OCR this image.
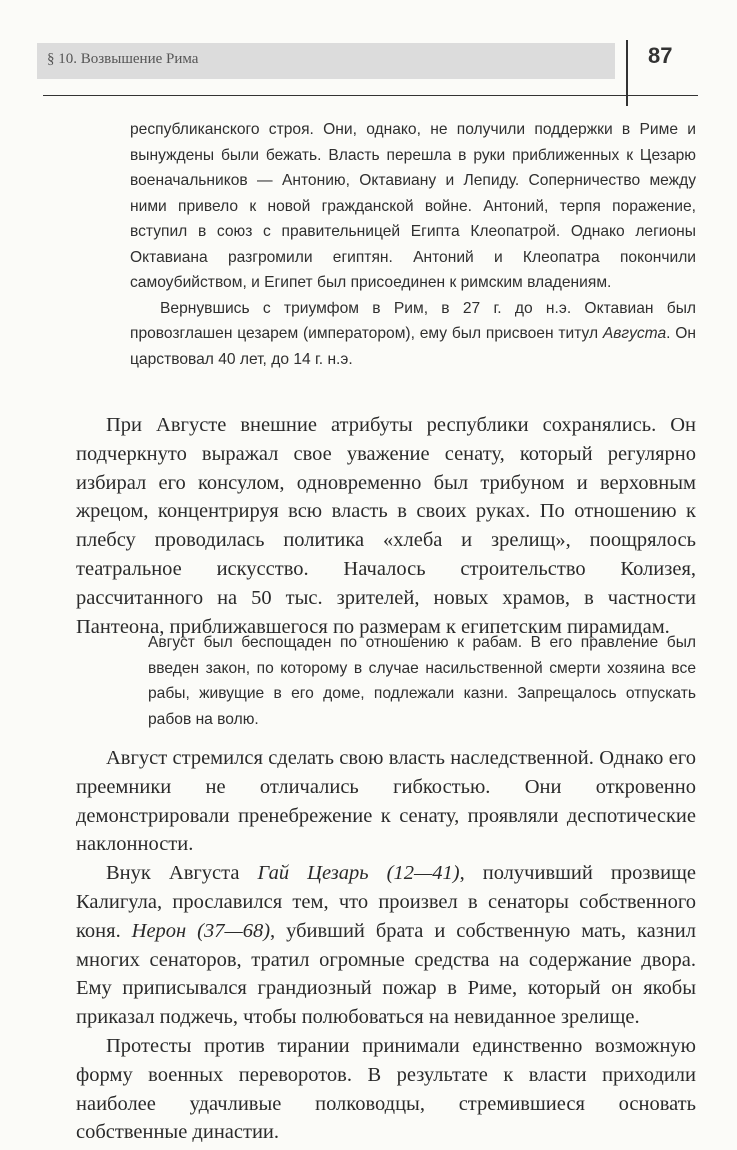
§ 10. Возвышение Рима	87

республиканского строя. Они, однако, не получили поддержки в Риме и вынуждены были бежать. Власть перешла в руки приближенных к Цезарю военачальников — Антонию, Октавиану и Лепиду. Соперничество между ними привело к новой гражданской войне. Антоний, терпя поражение, вступил в союз с правительницей Египта Клеопатрой. Однако легионы Октавиана разгромили египтян. Антоний и Клеопатра покончили самоубийством, и Египет был присоединен к римским владениям.

Вернувшись с триумфом в Рим, в 27 г. до н.э. Октавиан был провозглашен цезарем (императором), ему был присвоен титул Августа. Он царствовал 40 лет, до 14 г. н.э.

При Августе внешние атрибуты республики сохранялись. Он подчеркнуто выражал свое уважение сенату, который регулярно избирал его консулом, одновременно был трибуном и верховным жрецом, концентрируя всю власть в своих руках. По отношению к плебсу проводилась политика «хлеба и зрелищ», поощрялось театральное искусство. Началось строительство Колизея, рассчитанного на 50 тыс. зрителей, новых храмов, в частности Пантеона, приближавшегося по размерам к египетским пирамидам.

Август был беспощаден по отношению к рабам. В его правление был введен закон, по которому в случае насильственной смерти хозяина все рабы, живущие в его доме, подлежали казни. Запрещалось отпускать рабов на волю.

Август стремился сделать свою власть наследственной. Однако его преемники не отличались гибкостью. Они откровенно демонстрировали пренебрежение к сенату, проявляли деспотические наклонности.

Внук Августа Гай Цезарь (12—41), получивший прозвище Калигула, прославился тем, что произвел в сенаторы собственного коня. Нерон (37—68), убивший брата и собственную мать, казнил многих сенаторов, тратил огромные средства на содержание двора. Ему приписывался грандиозный пожар в Риме, который он якобы приказал поджечь, чтобы полюбоваться на невиданное зрелище.

Протесты против тирании принимали единственно возможную форму военных переворотов. В результате к власти приходили наиболее удачливые полководцы, стремившиеся основать собственные династии.
